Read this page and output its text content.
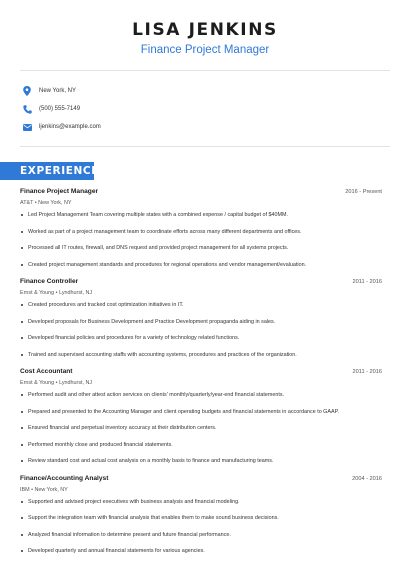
LISA JENKINS
Finance Project Manager
New York, NY
(500) 555-7149
ljenkins@example.com
EXPERIENCE
Finance Project Manager	2016 - Present
AT&T • New York, NY
Led Project Management Team covering multiple states with a combined expense / capital budget of $40MM.
Worked as part of a project management team to coordinate efforts across many different departments and offices.
Processed all IT routes, firewall, and DNS request and provided project management for all systems projects.
Created project management standards and procedures for regional operations and vendor management/evaluation.
Finance Controller	2011 - 2016
Ernst & Young • Lyndhurst, NJ
Created procedures and tracked cost optimization initiatives in IT.
Developed proposals for Business Development and Practice Development propaganda aiding in sales.
Developed financial policies and procedures for a variety of technology related functions.
Trained and supervised accounting staffs with accounting systems, procedures and practices of the organization.
Cost Accountant	2011 - 2016
Ernst & Young • Lyndhurst, NJ
Performed audit and other attest action services on clients' monthly/quarterly/year-end financial statements.
Prepared and presented to the Accounting Manager and client operating budgets and financial statements in accordance to GAAP.
Ensured financial and perpetual inventory accuracy at their distribution centers.
Performed monthly close and produced financial statements.
Review standard cost and actual cost analysis on a monthly basis to finance and manufacturing teams.
Finance/Accounting Analyst	2004 - 2016
IBM • New York, NY
Supported and advised project executives with business analysis and financial modeling.
Support the integration team with financial analysis that enables them to make sound business decisions.
Analyzed financial information to determine present and future financial performance.
Developed quarterly and annual financial statements for various agencies.
